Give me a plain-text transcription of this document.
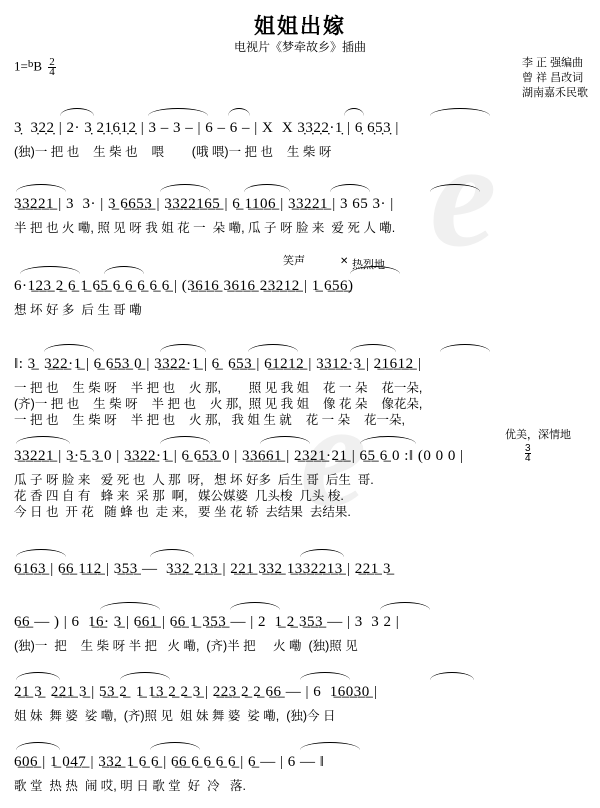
e
e
姐姐出嫁
电视片《梦牵故乡》插曲
李 正 强编曲
曾 祥 昌改词
湖南嘉禾民歌
$1=^bB \frac{2}{4}$
笑声	热烈地
优美，深情地
✕
3̣  3̣2̣2̣ | 2· 3̣ 2̣1̣6̣1̣2̣ | 3 – 3 – | 6 – 6 – | X  X 3̣3̣2̣2̣·1̣ | 6̣ 6̣5̣3̣ |
(独)一 把 也    生 柴 也    喂        (哦 喂)一 把 也    生 柴 呀
3̲3̲2̲2̲1̲ | 3  3· | 3̲ 6̲6̲5̲3̲ | 3̲3̲2̲2̲1̲6̲5̲ | 6̲ 1̲1̲0̲6̲ | 3̲3̲2̲2̲1̲ | 3 65 3· |
半 把 也 火 嘞, 照 见 呀 我 姐 花 一  朵 嘞, 瓜 子 呀 脸 来  爱 死 人 嘞.
6·1̲2̲3̲ 2̲ 6̲ 1̲ 6̲5̲ 6̲ 6̲ 6̲ 6̲ 6̲ | (3̲6̲1̲6̲ 3̲6̲1̲6̲ 2̲3̲2̲1̲2̲ | 1̲ 6̲5̲6̲)
想 坏 好 多  后 生 哥 嘞
‖: 3̲  3̲2̲2̲·1̲ | 6̲ 6̲5̲3̲ 0̲ | 3̲3̲2̲2̲·1̲ | 6̲  6̲5̲3̲ | 6̲1̲2̲1̲2̲ | 3̲3̲1̲2̲·3̲ | 2̲1̲6̲1̲2̲ |
一 把 也    生 柴 呀    半 把 也    火 那,        照 见 我 姐    花 一 朵    花一朵,
(齐)一 把 也    生 柴 呀    半 把 也    火 那,  照 见 我 姐    像 花 朵    像花朵,
一 把 也    生 柴 呀    半 把 也    火 那,   我 姐 生 就    花 一 朵    花一朵,
3̲3̲2̲2̲1̲ | 3̲·5̲ 3̲ 0 | 3̲3̲2̲2̲·1̲ | 6̲ 6̲5̲3̲ 0 | 3̲3̲6̲6̲1̲ | 2̲3̲2̲1̲·2̲1̲ | 6̲5̲ 6̲ 0 :‖ (0 0 0 |	3
4
瓜 子 呀 脸 来   爱 死 也  人 那  呀,   想 坏 好多  后生 哥  后生  哥.
花 香 四 自 有   蜂 来  采 那  啊,   媒公媒婆  几头梭  几头 梭.
今 日 也  开 花   随 蜂 也  走 来,   要 坐 花 轿  去结果  去结果.
6̲1̲6̲3̲ | 6̲6̲ 1̲1̲2̲ | 3̲5̲3̲ —  3̲3̲2̲ 2̲1̲3̲ | 2̲2̲1̲ 3̲3̲2̲ 1̲3̲3̲2̲2̲1̲3̲ | 2̲2̲1̲ 3̲
6̲6̲ — ) | 6  1̲6̲· 3̲ | 6̲6̲1̲ | 6̲6̲ 1̲ 3̲5̲3̲ — | 2  1̲ 2̲ 3̲5̲3̲ — | 3  3 2 |
(独)一  把    生 柴 呀 半 把   火 嘞,  (齐)半 把     火 嘞  (独)照 见
2̲1̲ 3̲  2̲2̲1̲ 3̲ | 5̲3̲ 2̲  1̲ 1̲3̲ 2̲ 2̲ 3̲ | 2̲2̲3̲ 2̲ 2̲ 6̲6̲ — | 6  1̲6̲0̲3̲0̲ |
姐 妹  舞 婆  娑 嘞,  (齐)照 见  姐 妹 舞 婆  娑 嘞,  (独)今 日
6̲0̲6̲ | 1̲ 0̲4̲7̲ | 3̲3̲2̲ 1̲ 6̲ 6̲ | 6̲6̲ 6̲ 6̲ 6̲ 6̲ | 6̲ — | 6 — ‖
歌 堂  热 热  闹 哎, 明 日 歌 堂  好  冷   落.
